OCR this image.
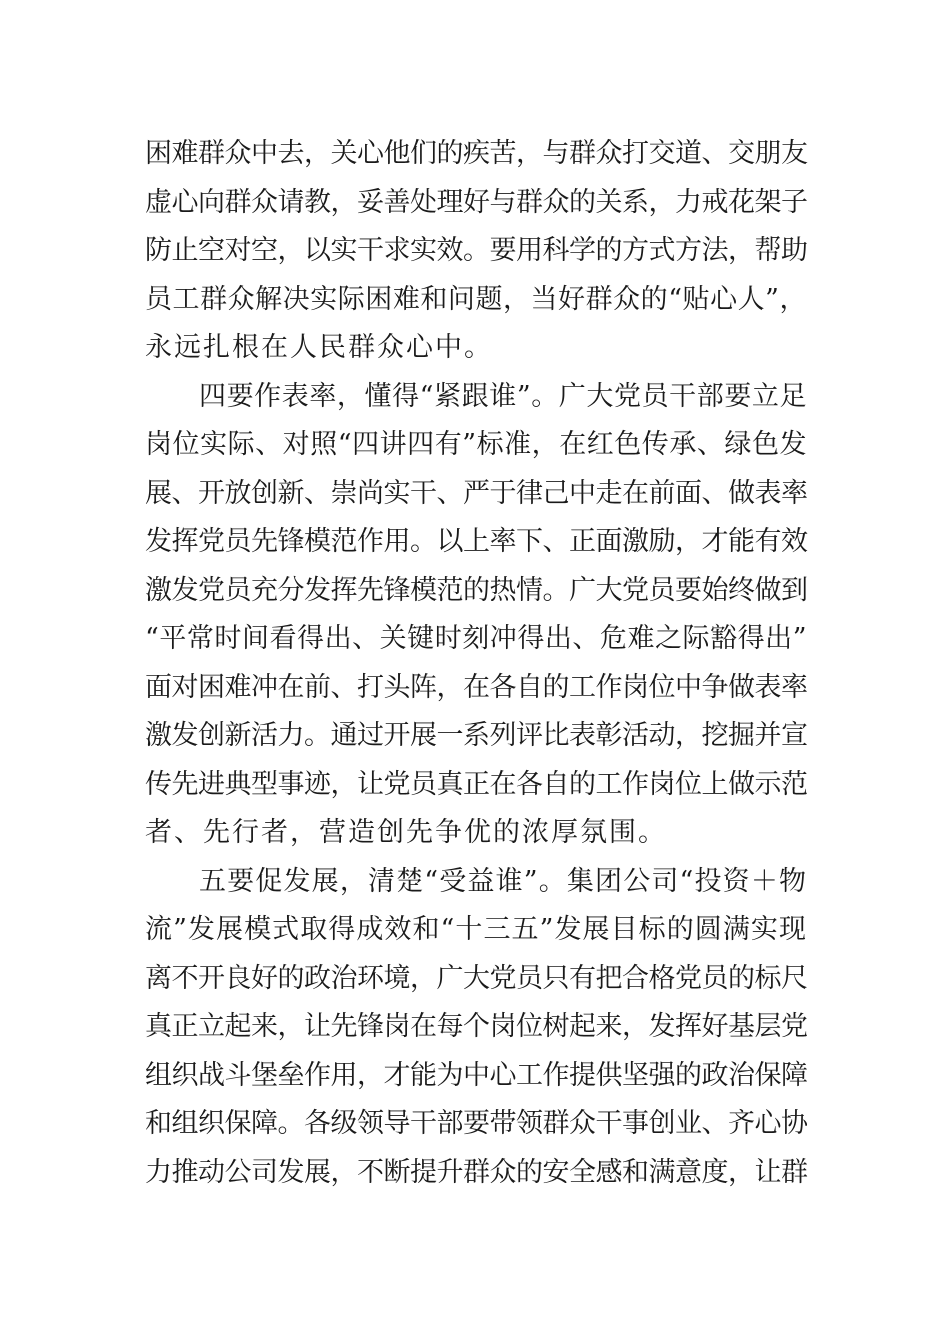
困难群众中去，关心他们的疾苦，与群众打交道、交朋友
虚心向群众请教，妥善处理好与群众的关系，力戒花架子
防止空对空，以实干求实效。要用科学的方式方法，帮助
员工群众解决实际困难和问题，当好群众的“贴心人”，
永远扎根在人民群众心中。
四要作表率，懂得“紧跟谁”。广大党员干部要立足
岗位实际、对照“四讲四有”标准，在红色传承、绿色发
展、开放创新、崇尚实干、严于律己中走在前面、做表率
发挥党员先锋模范作用。以上率下、正面激励，才能有效
激发党员充分发挥先锋模范的热情。广大党员要始终做到
“平常时间看得出、关键时刻冲得出、危难之际豁得出”
面对困难冲在前、打头阵，在各自的工作岗位中争做表率
激发创新活力。通过开展一系列评比表彰活动，挖掘并宣
传先进典型事迹，让党员真正在各自的工作岗位上做示范
者、先行者，营造创先争优的浓厚氛围。
五要促发展，清楚“受益谁”。集团公司“投资＋物
流”发展模式取得成效和“十三五”发展目标的圆满实现
离不开良好的政治环境，广大党员只有把合格党员的标尺
真正立起来，让先锋岗在每个岗位树起来，发挥好基层党
组织战斗堡垒作用，才能为中心工作提供坚强的政治保障
和组织保障。各级领导干部要带领群众干事创业、齐心协
力推动公司发展，不断提升群众的安全感和满意度，让群
